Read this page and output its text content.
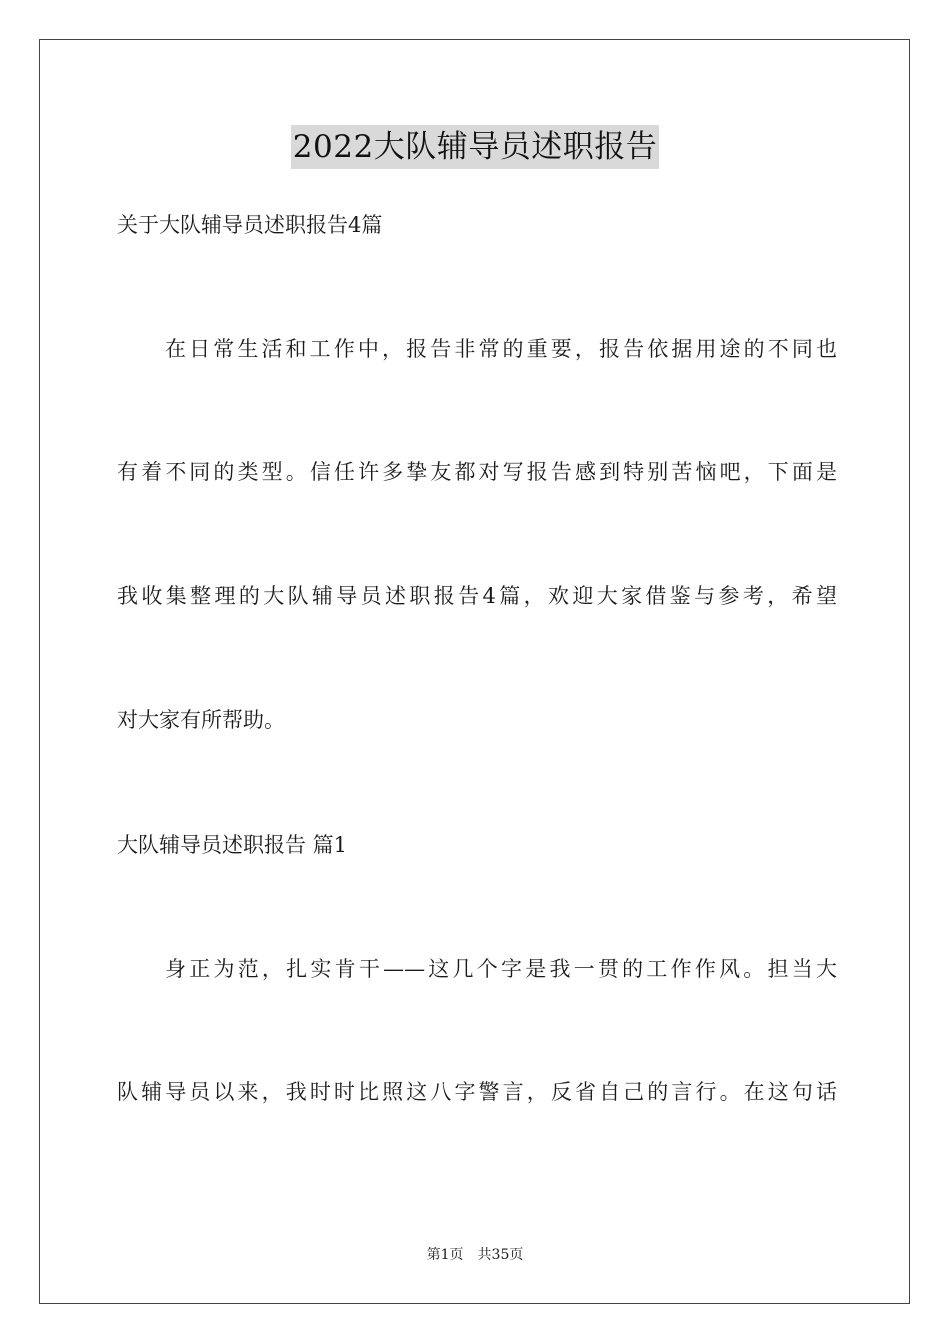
2022大队辅导员述职报告
关于大队辅导员述职报告4篇
在日常生活和工作中，报告非常的重要，报告依据用途的不同也
有着不同的类型。信任许多挚友都对写报告感到特别苦恼吧，下面是
我收集整理的大队辅导员述职报告4篇，欢迎大家借鉴与参考，希望
对大家有所帮助。
大队辅导员述职报告 篇1
身正为范，扎实肯干——这几个字是我一贯的工作作风。担当大
队辅导员以来，我时时比照这八字警言，反省自己的言行。在这句话
第1页 共35页
